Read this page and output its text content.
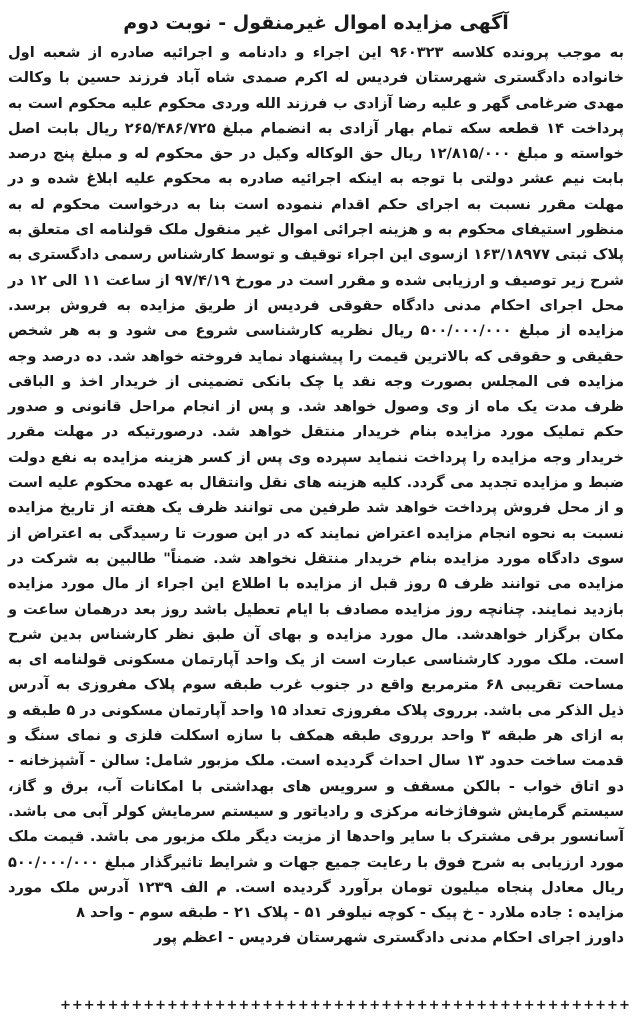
آگهی مزایده اموال غیرمنقول - نوبت دوم

به موجب پرونده کلاسه ۹۶۰۳۲۳ این اجراء و دادنامه و اجرائیه صادره از شعبه اول خانواده دادگستری شهرستان فردیس له اکرم صمدی شاه آباد فرزند حسین با وکالت مهدی ضرغامی گهر و علیه رضا آزادی ب فرزند الله وردی محکوم علیه محکوم است به پرداخت ۱۴ قطعه سکه تمام بهار آزادی به انضمام مبلغ ۲۶۵/۴۸۶/۷۲۵ ریال بابت اصل خواسته و مبلغ ۱۲/۸۱۵/۰۰۰ ریال حق الوکاله وکیل در حق محکوم له و مبلغ پنج درصد بابت نیم عشر دولتی با توجه به اینکه اجرائیه صادره به محکوم علیه ابلاغ شده و در مهلت مقرر نسبت به اجرای حکم اقدام ننموده است بنا به درخواست محکوم له به منظور استیفای محکوم به و هزینه اجرائی اموال غیر منقول ملک قولنامه ای متعلق به پلاک ثبتی ۱۶۳/۱۸۹۷۷ ازسوی این اجراء توقیف و توسط کارشناس رسمی دادگستری به شرح زیر توصیف و ارزیابی شده و مقرر است در مورخ ۹۷/۴/۱۹ از ساعت ۱۱ الی ۱۲ در محل اجرای احکام مدنی دادگاه حقوقی فردیس از طریق مزایده به فروش برسد. مزایده از مبلغ ۵۰۰/۰۰۰/۰۰۰ ریال نظریه کارشناسی شروع می شود و به هر شخص حقیقی و حقوقی که بالاترین قیمت را پیشنهاد نماید فروخته خواهد شد. ده درصد وجه مزایده فی المجلس بصورت وجه نقد یا چک بانکی تضمینی از خریدار اخذ و الباقی ظرف مدت یک ماه از وی وصول خواهد شد. و پس از انجام مراحل قانونی و صدور حکم تملیک مورد مزایده بنام خریدار منتقل خواهد شد. درصورتیکه در مهلت مقرر خریدار وجه مزایده را پرداخت ننماید سپرده وی پس از کسر هزینه مزایده به نفع دولت ضبط و مزایده تجدید می گردد. کلیه هزینه های نقل وانتقال به عهده محکوم علیه است و از محل فروش پرداخت خواهد شد طرفین می توانند ظرف یک هفته از تاریخ مزایده نسبت به نحوه انجام مزایده اعتراض نمایند که در این صورت تا رسیدگی به اعتراض از سوی دادگاه مورد مزایده بنام خریدار منتقل نخواهد شد. ضمناً" طالبین به شرکت در مزایده می توانند ظرف ۵ روز قبل از مزایده با اطلاع این اجراء از مال مورد مزایده بازدید نمایند. چنانچه روز مزایده مصادف با ایام تعطیل باشد روز بعد درهمان ساعت و مکان برگزار خواهدشد. مال مورد مزایده و بهای آن طبق نظر کارشناس بدین شرح است. ملک مورد کارشناسی عبارت است از یک واحد آپارتمان مسکونی قولنامه ای به مساحت تقریبی ۶۸ مترمربع واقع در جنوب غرب طبقه سوم پلاک مفروزی به آدرس ذیل الذکر می باشد. برروی پلاک مفروزی تعداد ۱۵ واحد آپارتمان مسکونی در ۵ طبقه و به ازای هر طبقه ۳ واحد برروی طبقه همکف با سازه اسکلت فلزی و نمای سنگ و قدمت ساخت حدود ۱۳ سال احداث گردیده است. ملک مزبور شامل: سالن - آشپزخانه - دو اتاق خواب - بالکن مسقف و سرویس های بهداشتی با امکانات آب، برق و گاز، سیستم گرمایش شوفاژخانه مرکزی و رادیاتور و سیستم سرمایش کولر آبی می باشد. آسانسور برقی مشترک با سایر واحدها از مزیت دیگر ملک مزبور می باشد. قیمت ملک مورد ارزیابی به شرح فوق با رعایت جمیع جهات و شرایط تاثیرگذار مبلغ ۵۰۰/۰۰۰/۰۰۰ ریال معادل پنجاه میلیون تومان برآورد گردیده است. م الف ۱۲۳۹ آدرس ملک مورد مزایده : جاده ملارد - خ پیک - کوچه نیلوفر ۵۱ - پلاک ۲۱ - طبقه سوم - واحد ۸

داورز اجرای احکام مدنی دادگستری شهرستان فردیس - اعظم پور

++++++++++++++++++++++++++++++++++++++++++++++++
